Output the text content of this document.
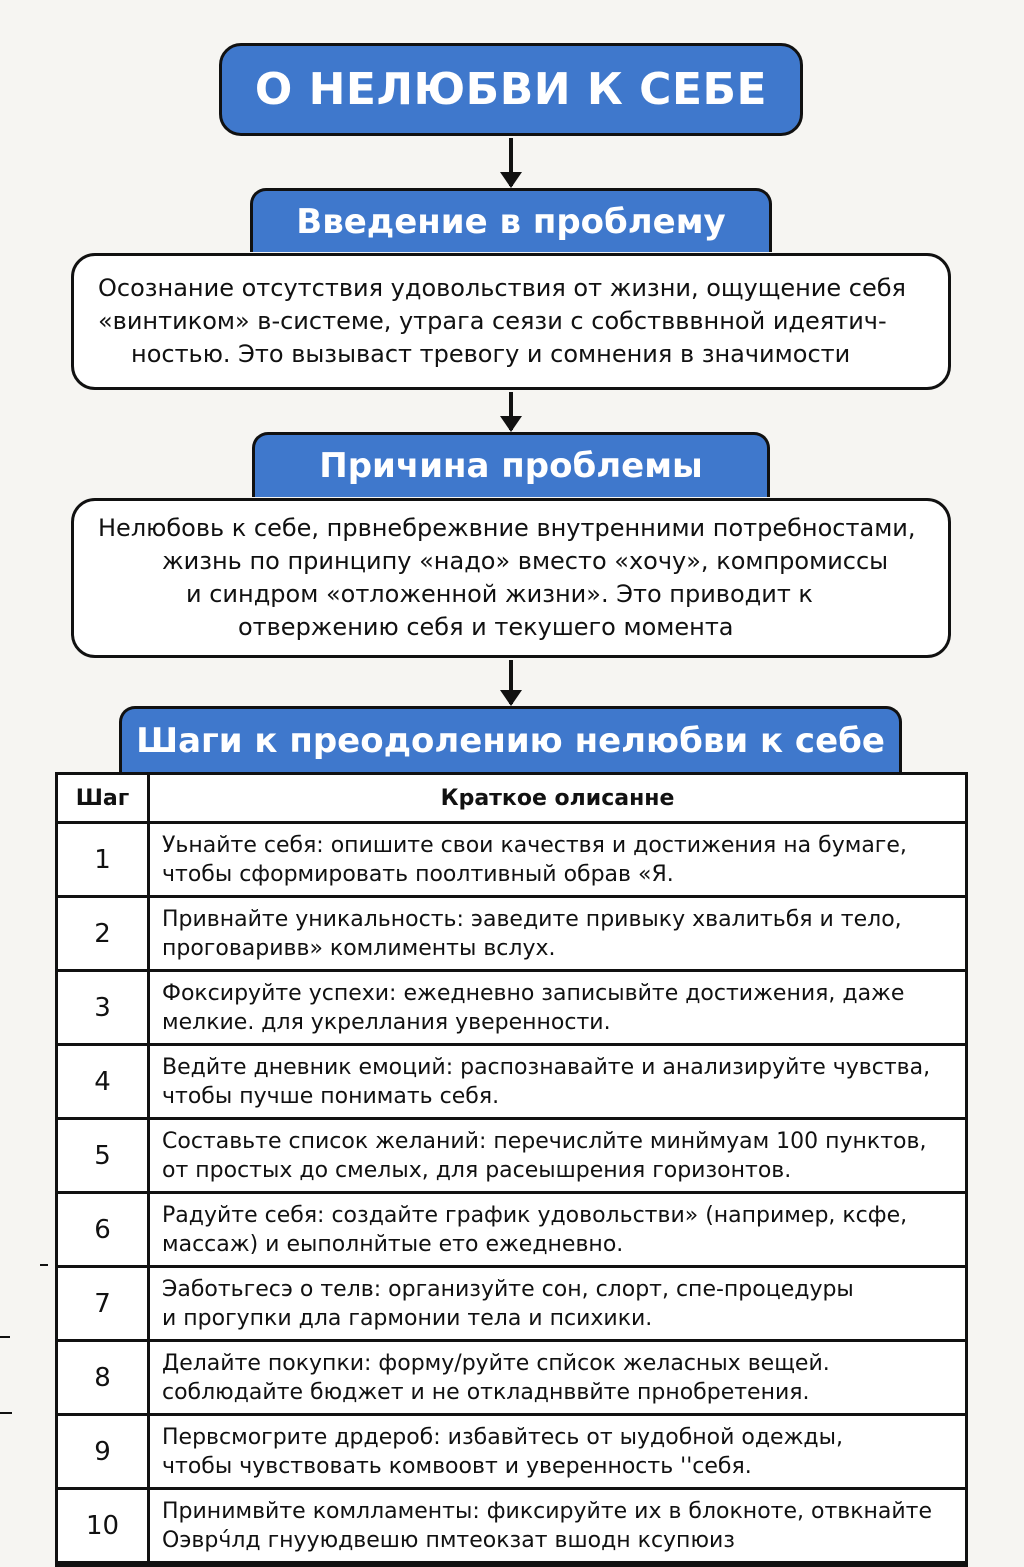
О НЕЛЮБВИ К СЕБЕ
Введение в проблему
Осознание отсутствия удовольствия от жизни, ощущение себя
«винтиком» в-системе, утрага сеязи с собствввнной идеятич-
ностью. Это вызываст тревогу и сомнения в значимости
Причина проблемы
Нелюбовь к себе, првнебрежвние внутренними потребностами,
жизнь по принципу «надо» вместо «хочу», компромиссы
и синдром «отложенной жизни». Это приводит к
отвержению себя и текушего момента
Шаги к преодолению нелюбви к себе
Шаг	Краткое олисанне
1	Уьнайте себя: опишите свои качествя и достижения на бумаге,
чтобы сформировать поолтивный обрав «Я.
2	Привнайте уникальность: эаведите привыку хвалитьбя и тело,
проговаривв» комлименты вслух.
3	Фоксируйте успехи: ежедневно записывйте достижения, даже
мелкие. для укреллания уверенности.
4	Ведйте дневник емоций: распознавайте и анализируйте чувства,
чтобы пучше понимать себя.
5	Составьте список желаний: перечислйте минймуам 100 пунктов,
от простых до смелых, для расеышрения горизонтов.
6	Радуйте себя: создайте график удовольстви» (например, ксфе,
массаж) и еыполнйтые ето ежедневно.
7	Эаботьгесэ о телв: организуйте сон, слорт, спе-процедуры
и прогупки дла гармонии тела и психики.
8	Делайте покупки: форму/руйте спйсок желасных вещей.
соблюдайте бюджет и не откладнввйте прнобретения.
9	Первсмогрите дрдероб: избавйтесь от ыудобной одежды,
чтобы чувствовать комвоовт и уверенность ''себя.
10	Принимвйте комлламенты: фиксируйте их в блокноте, отвкнайте
Оэврч́лд гнууюдвешю пмтеокзат вшодн ксупюиз
